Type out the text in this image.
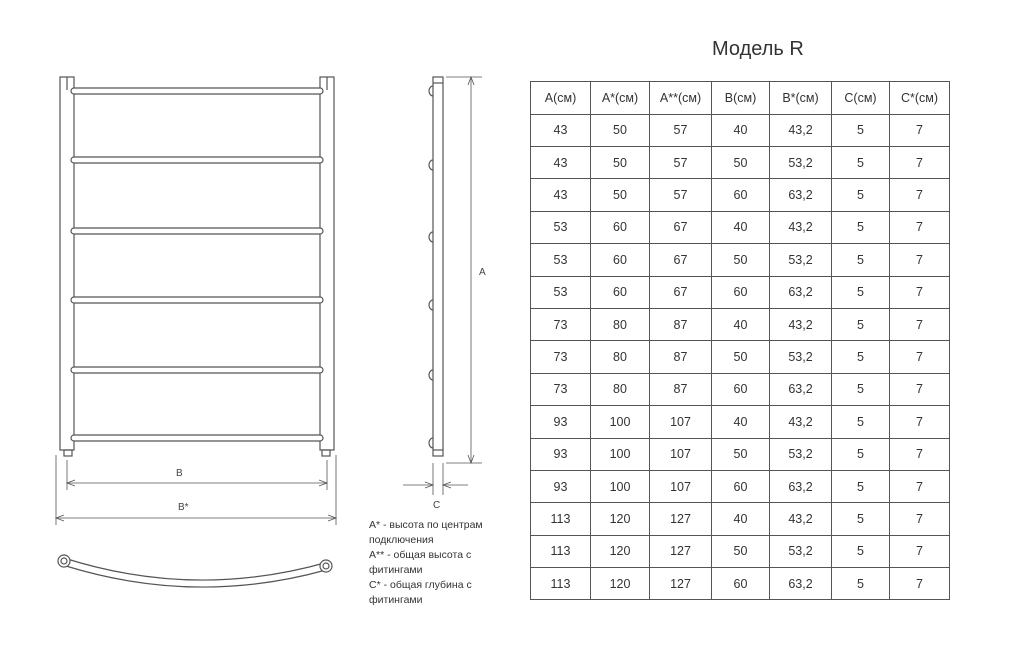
B
B*
A
C
Модель R
A(см)	A*(см)	A**(см)	B(см)	B*(см)	C(см)	C*(см)
43	50	57	40	43,2	5	7
43	50	57	50	53,2	5	7
43	50	57	60	63,2	5	7
53	60	67	40	43,2	5	7
53	60	67	50	53,2	5	7
53	60	67	60	63,2	5	7
73	80	87	40	43,2	5	7
73	80	87	50	53,2	5	7
73	80	87	60	63,2	5	7
93	100	107	40	43,2	5	7
93	100	107	50	53,2	5	7
93	100	107	60	63,2	5	7
113	120	127	40	43,2	5	7
113	120	127	50	53,2	5	7
113	120	127	60	63,2	5	7
A* - высота по центрам
подключения
A** - общая высота с
фитингами
C* - общая глубина с
фитингами
